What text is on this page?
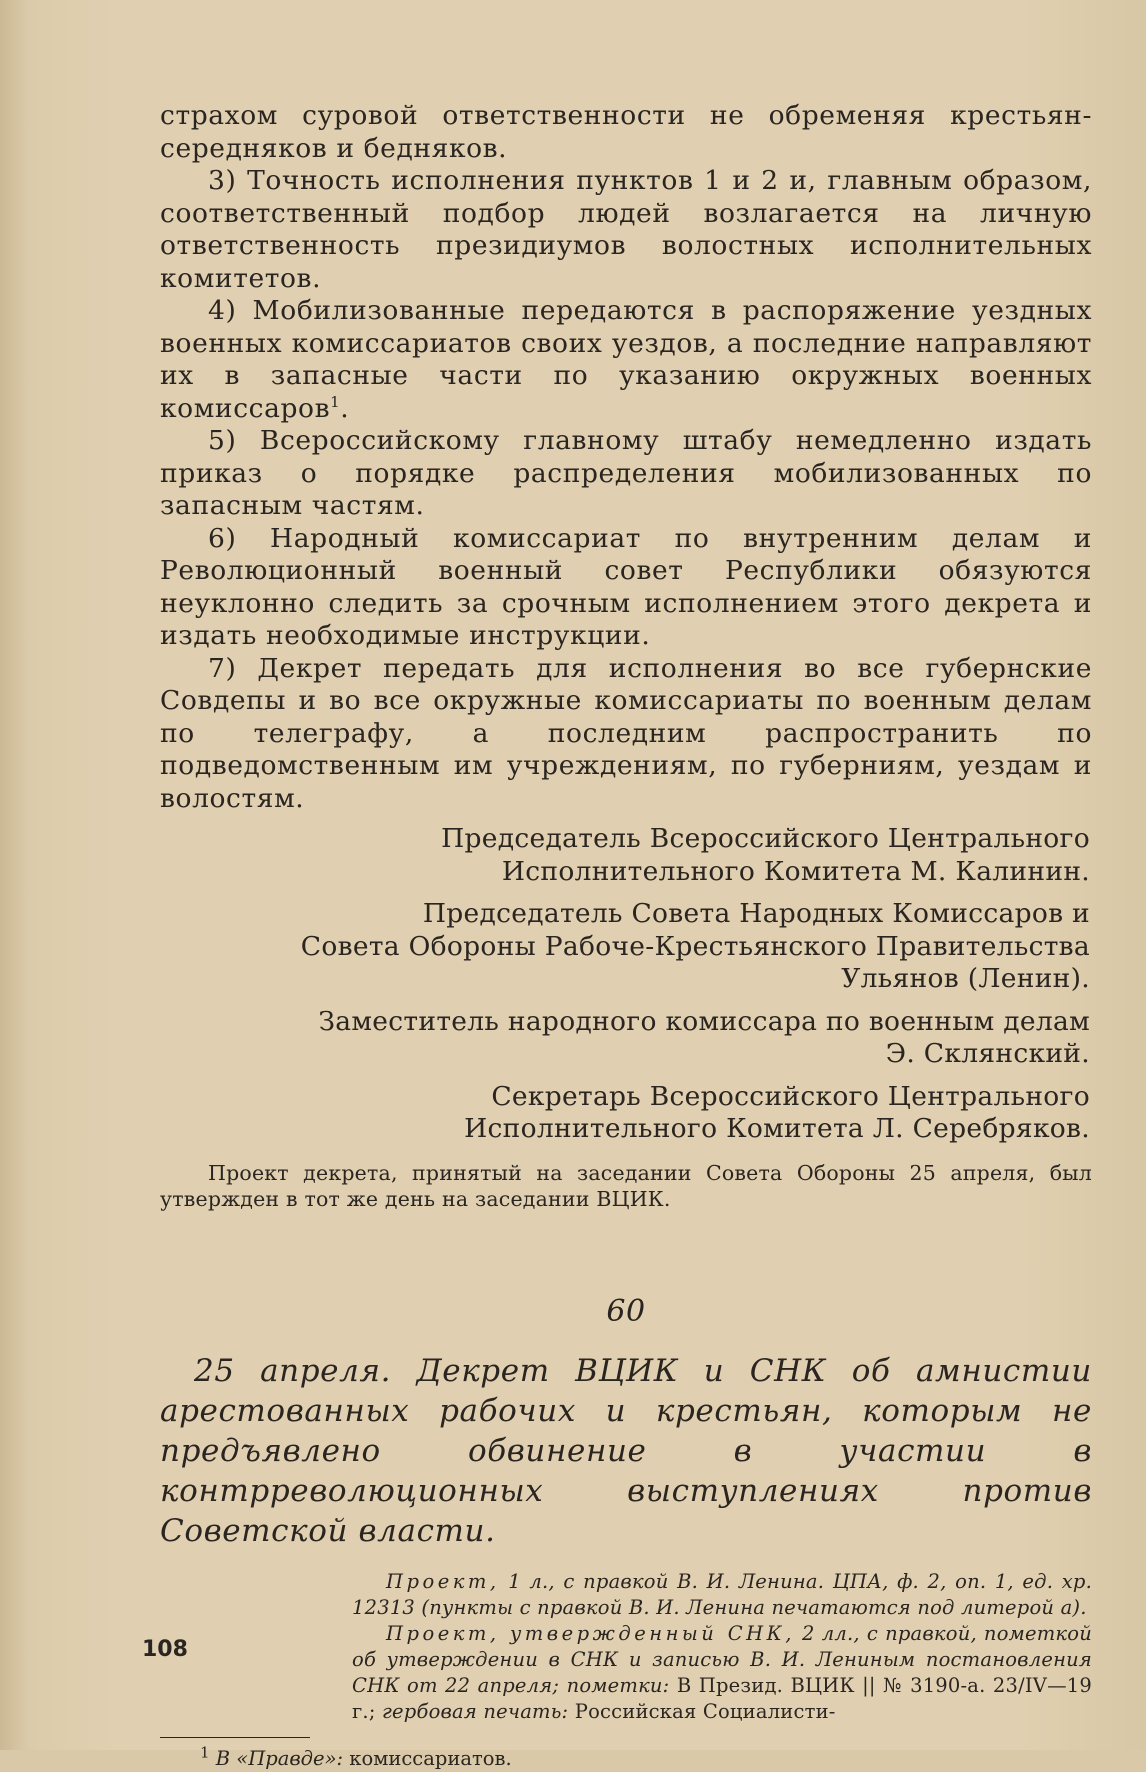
страхом суровой ответственности не обременяя крестьян-середняков и бедняков.

3) Точность исполнения пунктов 1 и 2 и, главным образом, соответственный подбор людей возлагается на личную ответственность президиумов волостных исполнительных комитетов.

4) Мобилизованные передаются в распоряжение уездных военных комиссариатов своих уездов, а последние направляют их в запасные части по указанию окружных военных комиссаров$^1$.

5) Всероссийскому главному штабу немедленно издать приказ о порядке распределения мобилизованных по запасным частям.

6) Народный комиссариат по внутренним делам и Революционный военный совет Республики обязуются неуклонно следить за срочным исполнением этого декрета и издать необходимые инструкции.

7) Декрет передать для исполнения во все губернские Совдепы и во все окружные комиссариаты по военным делам по телеграфу, а последним распространить по подведомственным им учреждениям, по губерниям, уездам и волостям.

Председатель Всероссийского Центрального
Исполнительного Комитета М. Калинин.
Председатель Совета Народных Комиссаров и
Совета Обороны Рабоче-Крестьянского Правительства
Ульянов (Ленин).
Заместитель народного комиссара по военным делам
Э. Склянский.
Секретарь Всероссийского Центрального
Исполнительного Комитета Л. Серебряков.
Проект декрета, принятый на заседании Совета Обороны 25 апреля, был утвержден в тот же день на заседании ВЦИК.
60
25 апреля. Декрет ВЦИК и СНК об амнистии арестованных рабочих и крестьян, которым не предъявлено обвинение в участии в контрреволюционных выступлениях против Советской власти.
Проект, 1 л., с правкой В. И. Ленина. ЦПА, ф. 2, оп. 1, ед. хр. 12313 (пункты с правкой В. И. Ленина печатаются под литерой а).
Проект, утвержденный СНК, 2 лл., с правкой, пометкой об утверждении в СНК и записью В. И. Лениным постановления СНК от 22 апреля; пометки: В Презид. ВЦИК || № 3190-а. 23/IV—19 г.; гербовая печать: Российская Социалисти-
$^1$ В «Правде»: комиссариатов.
108
